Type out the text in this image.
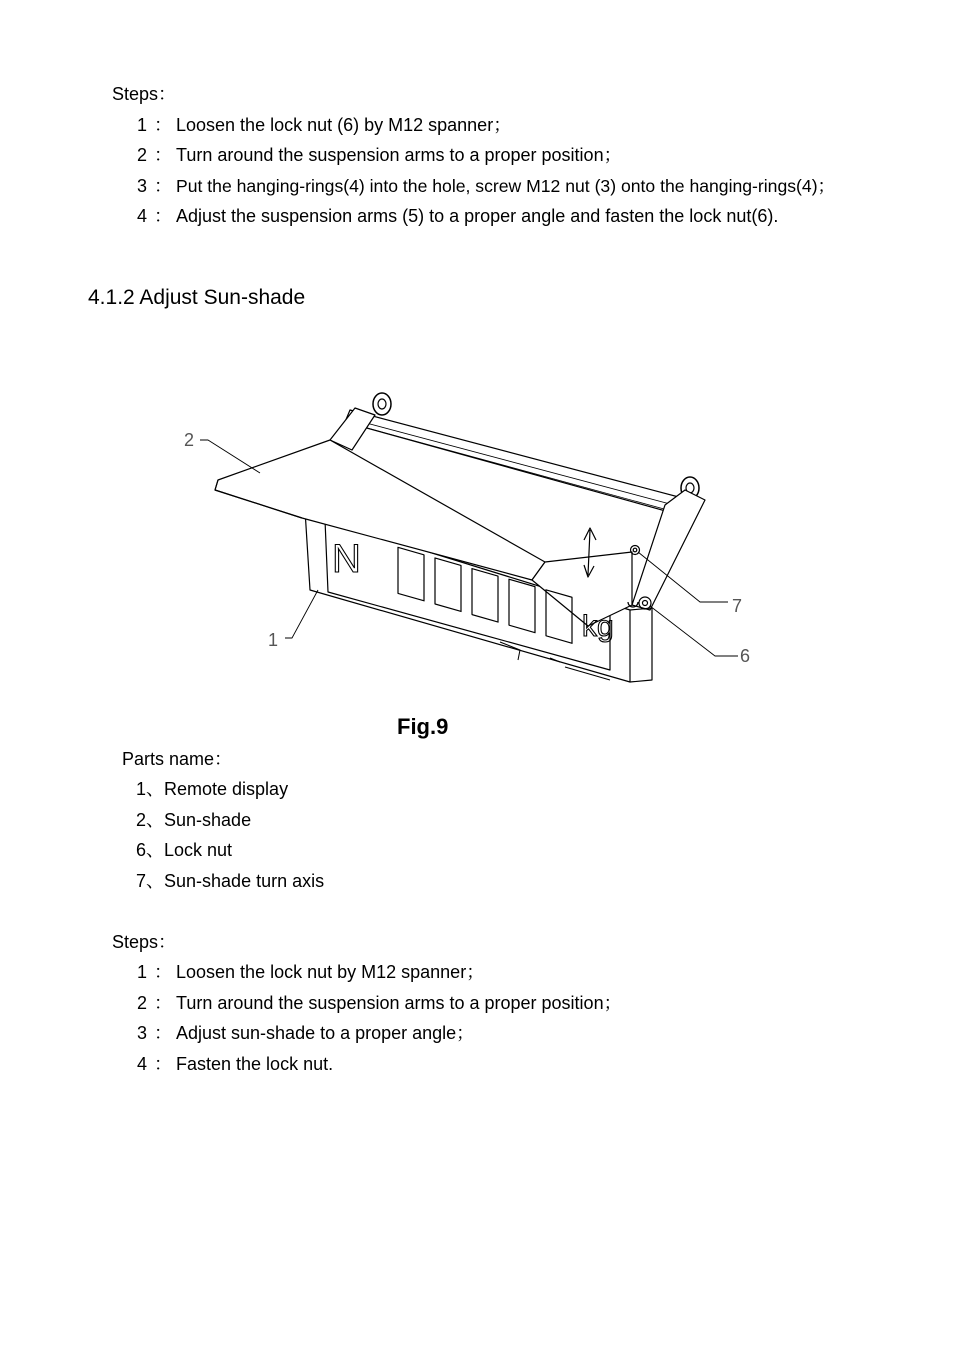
Steps：
1 ： Loosen the lock nut (6) by M12 spanner；
2 ： Turn around the suspension arms to a proper position；
3 ： Put the hanging-rings(4) into the hole, screw M12 nut (3) onto the hanging-rings(4)；
4 ： Adjust the suspension arms (5) to a proper angle and fasten the lock nut(6).
4.1.2 Adjust Sun-shade
N
kg
2
1
7
6
Fig.9
Parts name：
1、Remote display
2、Sun-shade
6、Lock nut
7、Sun-shade turn axis
Steps：
1 ： Loosen the lock nut by M12 spanner；
2 ： Turn around the suspension arms to a proper position；
3 ： Adjust sun-shade to a proper angle；
4 ： Fasten the lock nut.
